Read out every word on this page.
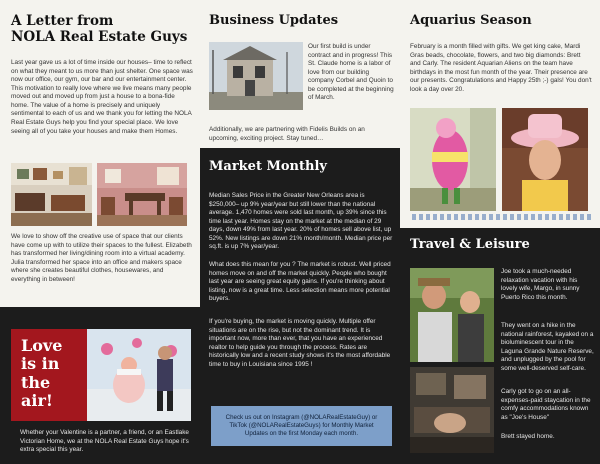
A Letter from
NOLA Real Estate Guys
Last year gave us a lot of time inside our houses– time to reflect on what they meant to us more than just shelter. One space was now our office, our gym, our bar and our entertainment center. This motivation to really love where we live means many people moved out and moved up from just a house to a bona-fide home. The value of a home is precisely and uniquely sentimental to each of us and we thank you for letting the NOLA Real Estate Guys help you find your special place. We love seeing all of you take your houses and make them Homes.
We love to show off the creative use of space that our clients have come up with to utilize their spaces to the fullest. Elizabeth has transformed her living/dining room into a virtual academy. Julia transformed her space into an office and makers space where she creates beautiful clothes, housewares, and everything in between!
Love is in the air!
Whether your Valentine is a partner, a friend, or an Eastlake Victorian Home, we at the NOLA Real Estate Guys hope it's extra special this year.
Business Updates
Our first build is under contract and in progress! This St. Claude home is a labor of love from our building company Corbel and Quoin to be completed at the beginning of March.
Additionally, we are partnering with Fidelis Builds on an upcoming, exciting project. Stay tuned…
Market Monthly
Median Sales Price in the Greater New Orleans area is $250,000– up 9% year/year but still lower than the national average. 1,470 homes were sold last month, up 39% since this time last year. Homes stay on the market at the median of 29 days, down 49% from last year. 20% of homes sell above list, up 52%. New listings are down 21% month/month. Median price per sq.ft. is up 7% year/year.
What does this mean for you ? The market is robust. Well priced homes move on and off the market quickly. People who bought last year are seeing great equity gains. If you're thinking about listing, now is a great time. Less selection means more potential buyers.
If you're buying, the market is moving quickly. Multiple offer situations are on the rise, but not the dominant trend. It is important now, more than ever, that you have an experienced realtor to help guide you through the process. Rates are historically low and a recent study shows it's the most affordable time to buy in Louisiana since 1995 !
Check us out on Instagram (@NOLARealEstateGuy) or TikTok (@NOLARealEstateGuys) for Monthly Market Updates on the first Monday each month.
Aquarius Season
February is a month filled with gifts. We get king cake, Mardi Gras beads, chocolate, flowers, and two big diamonds: Brett and Carly. The resident Aquarian Aliens on the team have birthdays in the most fun month of the year. Their presence are our presents. Congratulations and Happy 25th ;-) gals! You don't look a day over 20.
Travel & Leisure
Joe took a much-needed relaxation vacation with his lovely wife, Margo, in sunny Puerto Rico this month.
They went on a hike in the national rainforest, kayaked on a bioluminescent tour in the Laguna Grande Nature Reserve, and unplugged by the pool for some well-deserved self-care.
Carly got to go on an all-expenses-paid staycation in the comfy accommodations known as "Joe's House"
Brett stayed home.
